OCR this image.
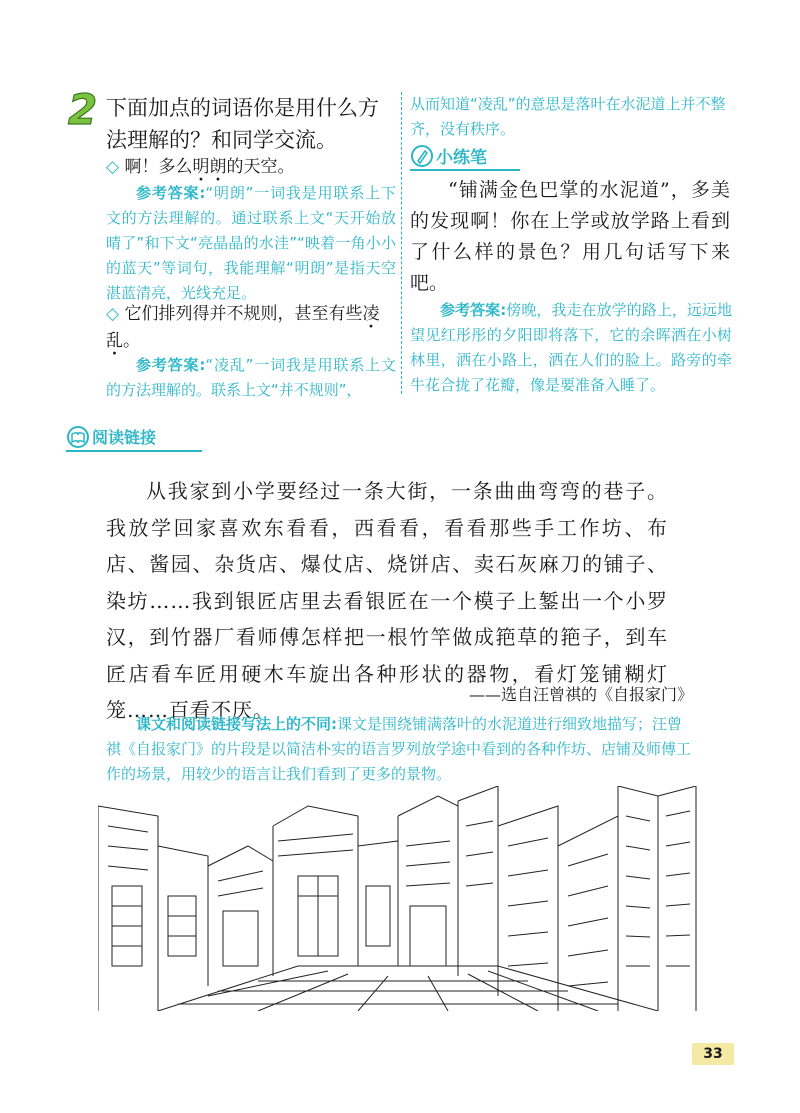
2 下面加点的词语你是用什么方法理解的？和同学交流。
◇ 啊！多么明朗的天空。
参考答案:“明朗”一词我是用联系上下文的方法理解的。通过联系上文“天开始放晴了”和下文“亮晶晶的水洼”“映着一角小小的蓝天”等词句，我能理解“明朗”是指天空湛蓝清亮，光线充足。
◇ 它们排列得并不规则，甚至有些凌乱。
参考答案:“凌乱”一词我是用联系上文的方法理解的。联系上文“并不规则”，
从而知道“凌乱”的意思是落叶在水泥道上并不整齐，没有秩序。
小练笔
“铺满金色巴掌的水泥道”，多美的发现啊！你在上学或放学路上看到了什么样的景色？用几句话写下来吧。
参考答案:傍晚，我走在放学的路上，远远地望见红彤彤的夕阳即将落下，它的余晖洒在小树林里，洒在小路上，洒在人们的脸上。路旁的牵牛花合拢了花瓣，像是要准备入睡了。
阅读链接
从我家到小学要经过一条大街，一条曲曲弯弯的巷子。我放学回家喜欢东看看，西看看，看看那些手工作坊、布店、酱园、杂货店、爆仗店、烧饼店、卖石灰麻刀的铺子、染坊……我到银匠店里去看银匠在一个模子上錾出一个小罗汉，到竹器厂看师傅怎样把一根竹竿做成筢草的筢子，到车匠店看车匠用硬木车旋出各种形状的器物，看灯笼铺糊灯笼……百看不厌。
——选自汪曾祺的《自报家门》
课文和阅读链接写法上的不同:课文是围绕铺满落叶的水泥道进行细致地描写；汪曾祺《自报家门》的片段是以简洁朴实的语言罗列放学途中看到的各种作坊、店铺及师傅工作的场景，用较少的语言让我们看到了更多的景物。
33
